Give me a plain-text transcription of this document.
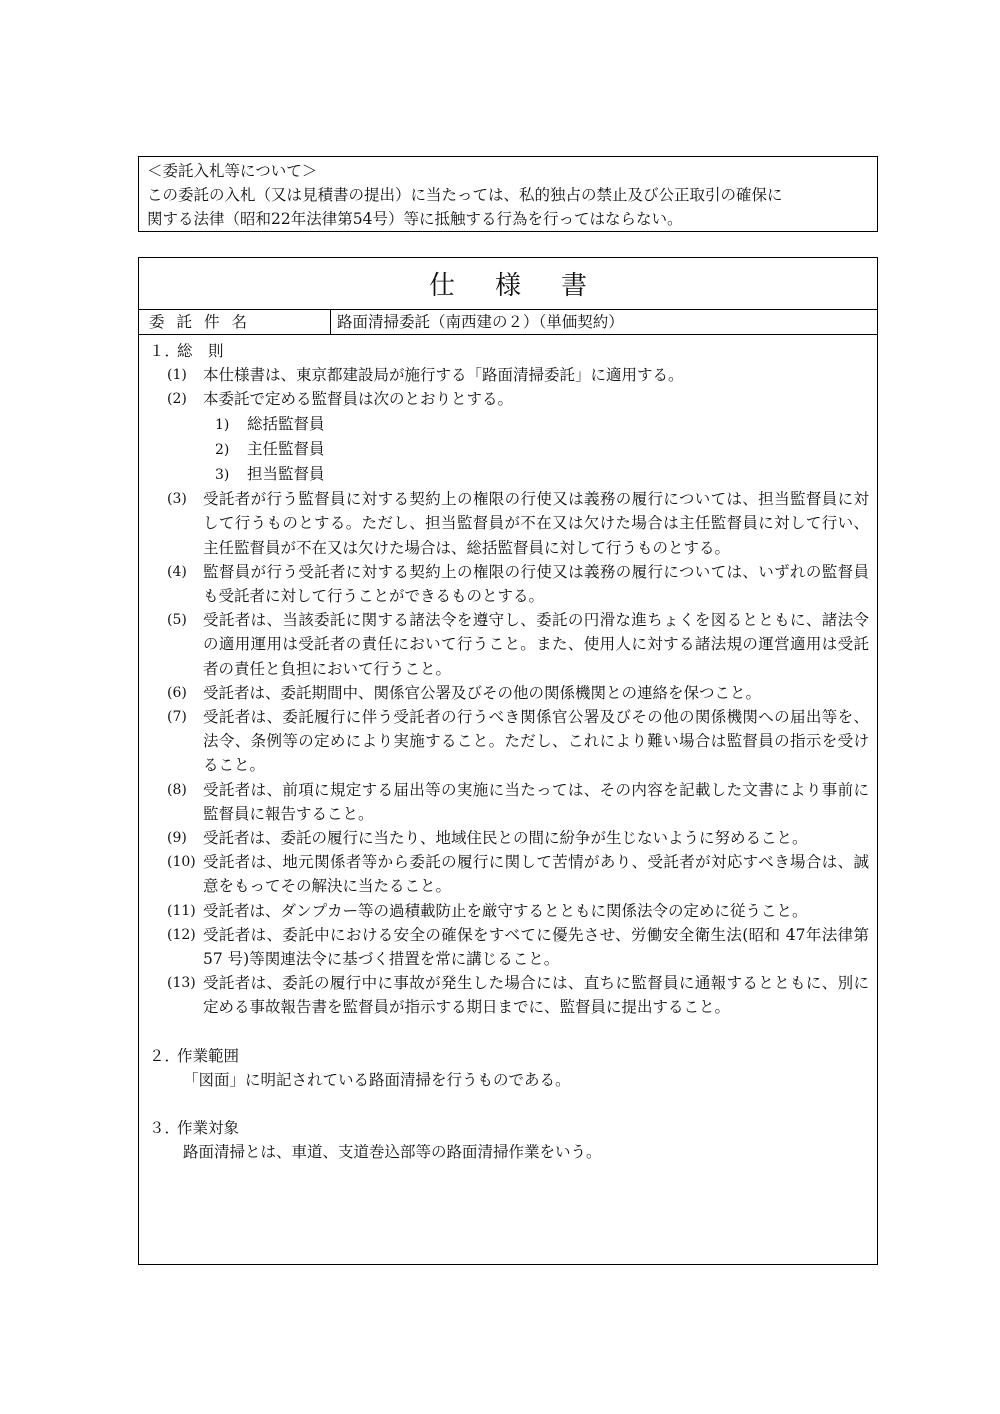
＜委託入札等について＞
この委託の入札（又は見積書の提出）に当たっては、私的独占の禁止及び公正取引の確保に
関する法律（昭和22年法律第54号）等に抵触する行為を行ってはならない。
仕様書
委託件名	路面清掃委託（南西建の２）（単価契約）
１．総　則
(1)	本仕様書は、東京都建設局が施行する「路面清掃委託」に適用する。
(2)	本委託で定める監督員は次のとおりとする。
1) 総括監督員
2) 主任監督員
3) 担当監督員
(3)	受託者が行う監督員に対する契約上の権限の行使又は義務の履行については、担当監督員に対して行うものとする。ただし、担当監督員が不在又は欠けた場合は主任監督員に対して行い、主任監督員が不在又は欠けた場合は、総括監督員に対して行うものとする。
(4)	監督員が行う受託者に対する契約上の権限の行使又は義務の履行については、いずれの監督員も受託者に対して行うことができるものとする。
(5)	受託者は、当該委託に関する諸法令を遵守し、委託の円滑な進ちょくを図るとともに、諸法令の適用運用は受託者の責任において行うこと。また、使用人に対する諸法規の運営適用は受託者の責任と負担において行うこと。
(6)	受託者は、委託期間中、関係官公署及びその他の関係機関との連絡を保つこと。
(7)	受託者は、委託履行に伴う受託者の行うべき関係官公署及びその他の関係機関への届出等を、法令、条例等の定めにより実施すること。ただし、これにより難い場合は監督員の指示を受けること。
(8)	受託者は、前項に規定する届出等の実施に当たっては、その内容を記載した文書により事前に監督員に報告すること。
(9)	受託者は、委託の履行に当たり、地域住民との間に紛争が生じないように努めること。
(10) 受託者は、地元関係者等から委託の履行に関して苦情があり、受託者が対応すべき場合は、誠意をもってその解決に当たること。
(11) 受託者は、ダンプカー等の過積載防止を厳守するとともに関係法令の定めに従うこと。
(12) 受託者は、委託中における安全の確保をすべてに優先させ、労働安全衛生法(昭和 47年法律第 57 号)等関連法令に基づく措置を常に講じること。
(13) 受託者は、委託の履行中に事故が発生した場合には、直ちに監督員に通報するとともに、別に定める事故報告書を監督員が指示する期日までに、監督員に提出すること。
２．作業範囲
「図面」に明記されている路面清掃を行うものである。
３．作業対象
路面清掃とは、車道、支道巻込部等の路面清掃作業をいう。
